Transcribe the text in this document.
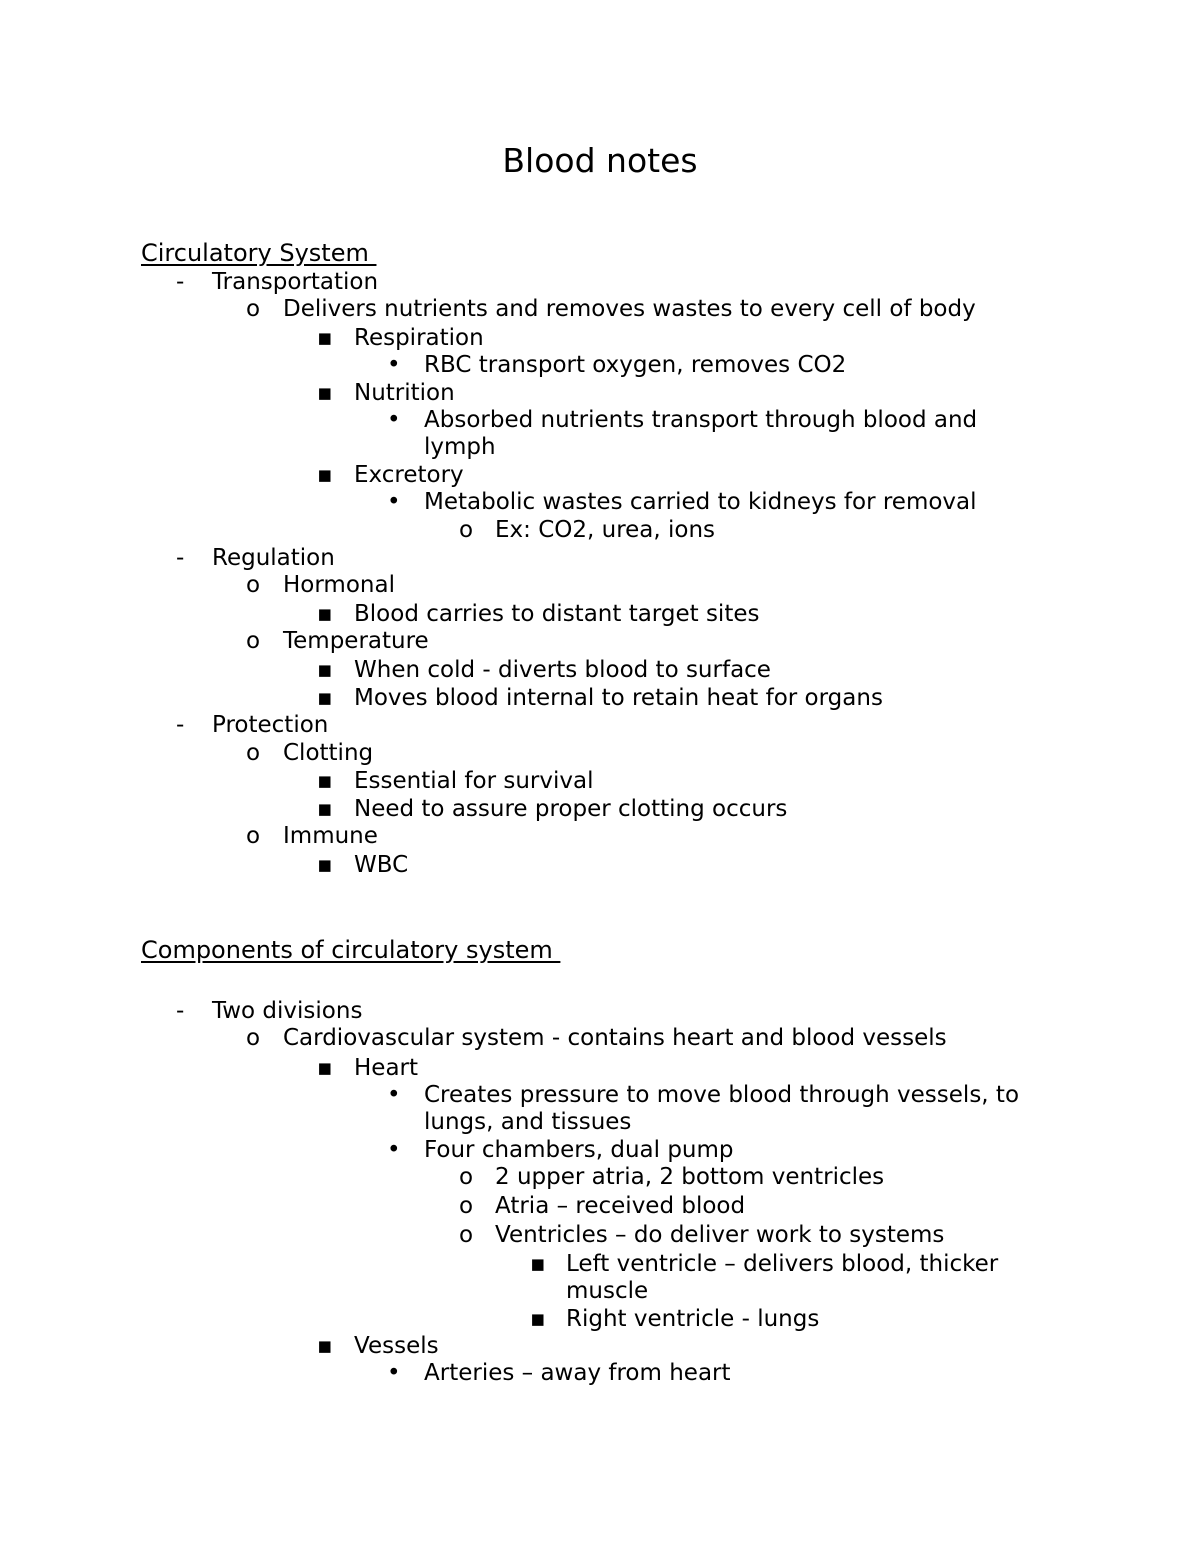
Blood notes
Circulatory System
- Transportation
o Delivers nutrients and removes wastes to every cell of body
▪ Respiration
• RBC transport oxygen, removes CO2
▪ Nutrition
• Absorbed nutrients transport through blood and
lymph
▪ Excretory
• Metabolic wastes carried to kidneys for removal
o Ex: CO2, urea, ions
- Regulation
o Hormonal
▪ Blood carries to distant target sites
o Temperature
▪ When cold - diverts blood to surface
▪ Moves blood internal to retain heat for organs
- Protection
o Clotting
▪ Essential for survival
▪ Need to assure proper clotting occurs
o Immune
▪ WBC
Components of circulatory system
- Two divisions
o Cardiovascular system - contains heart and blood vessels
▪ Heart
• Creates pressure to move blood through vessels, to
lungs, and tissues
• Four chambers, dual pump
o 2 upper atria, 2 bottom ventricles
o Atria – received blood
o Ventricles – do deliver work to systems
▪ Left ventricle – delivers blood, thicker
muscle
▪ Right ventricle - lungs
▪ Vessels
• Arteries – away from heart
